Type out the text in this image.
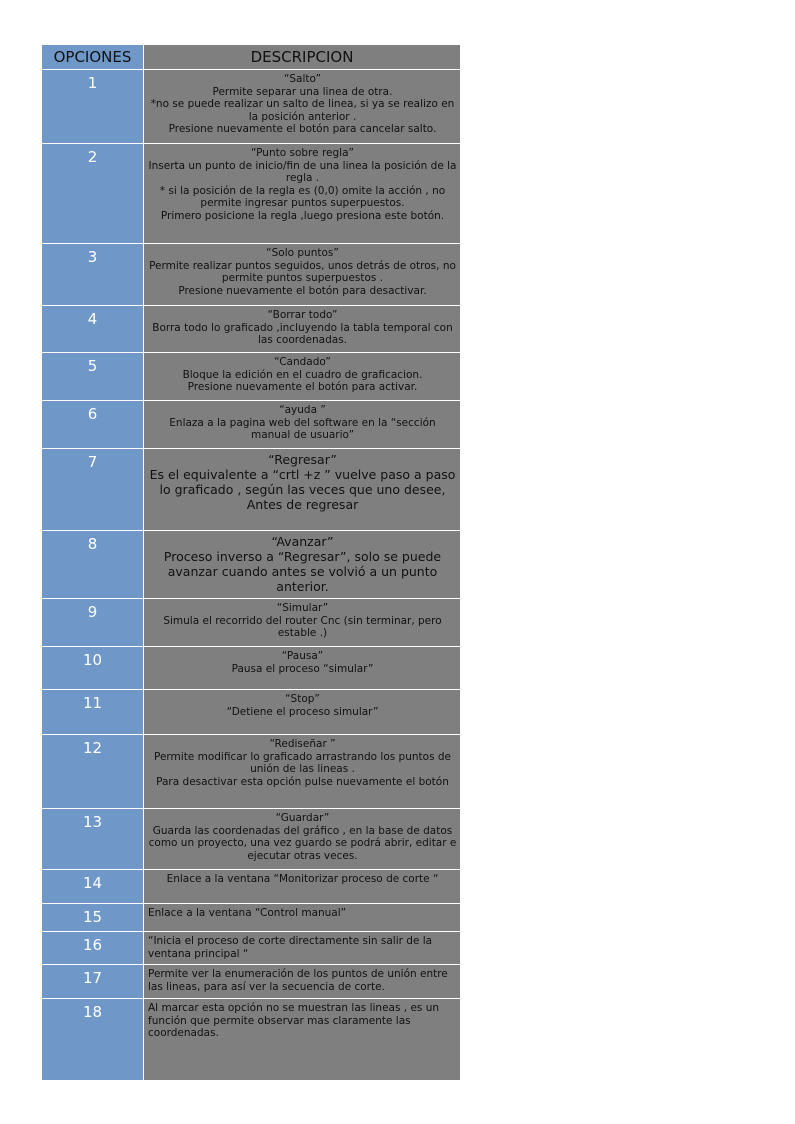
OPCIONES	DESCRIPCION
1	“Salto”
Permite separar una linea de otra.
*no se puede realizar un salto de linea, si ya se realizo en la posición anterior .
Presione nuevamente el botón para cancelar salto.

2	“Punto sobre regla”
Inserta un punto de inicio/fin de una linea la posición de la regla .
* si la posición de la regla es (0,0) omite la acción , no permite ingresar puntos superpuestos.
Primero posicione la regla ,luego presiona este botón.

3	“Solo puntos”
Permite realizar puntos seguidos, unos detrás de otros, no permite puntos superpuestos .
Presione nuevamente el botón para desactivar.

4	“Borrar todo”
Borra todo lo graficado ,incluyendo la tabla temporal con las coordenadas.

5	“Candado”
Bloque la edición en el cuadro de graficacion.
Presione nuevamente el botón para activar.

6	“ayuda ”
Enlaza a la pagina web del software en la “sección manual de usuario”

7	“Regresar”
Es el equivalente a “crtl +z ” vuelve paso a paso lo graficado , según las veces que uno desee, Antes de regresar

8	“Avanzar”
Proceso inverso a “Regresar”, solo se puede avanzar cuando antes se volvió a un punto anterior.

9	“Simular”
Simula el recorrido del router Cnc (sin terminar, pero estable .)

10	“Pausa”
Pausa el proceso “simular”

11	“Stop”
“Detiene el proceso simular”

12	“Rediseñar ”
Permite modificar lo graficado arrastrando los puntos de unión de las lineas .
Para desactivar esta opción pulse nuevamente el botón

13	“Guardar”
Guarda las coordenadas del gráfico , en la base de datos como un proyecto, una vez guardo se podrá abrir, editar e ejecutar otras veces.

14	Enlace a la ventana “Monitorizar proceso de corte “

15	Enlace a la ventana “Control manual”

16	“Inicia el proceso de corte directamente sin salir de la ventana principal “

17	Permite ver la enumeración de los puntos de unión entre las lineas, para así ver la secuencia de corte.

18	Al marcar esta opción no se muestran las lineas , es un función que permite observar mas claramente las coordenadas.
